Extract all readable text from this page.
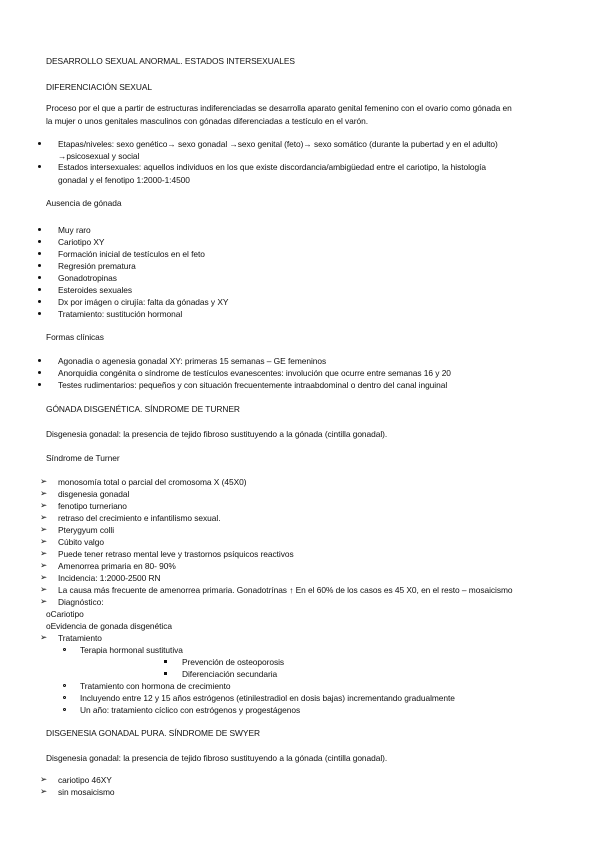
DESARROLLO SEXUAL ANORMAL. ESTADOS INTERSEXUALES
DIFERENCIACIÓN SEXUAL
Proceso por el que a partir de estructuras indiferenciadas se desarrolla aparato genital femenino con el ovario como gónada en
la mujer o unos genitales masculinos con gónadas diferenciadas a testículo en el varón.
Etapas/niveles: sexo genético→ sexo gonadal →sexo genital (feto)→ sexo somático (durante la pubertad y en el adulto)
→psicosexual y social
Estados intersexuales: aquellos individuos en los que existe discordancia/ambigüedad entre el cariotipo, la histología
gonadal y el fenotipo 1:2000-1:4500
Ausencia de gónada
Muy raro
Cariotipo XY
Formación inicial de testículos en el feto
Regresión prematura
Gonadotropinas
Esteroides sexuales
Dx por imágen o cirujía: falta da gónadas y XY
Tratamiento: sustitución hormonal
Formas clínicas
Agonadia o agenesia gonadal XY: primeras 15 semanas – GE femeninos
Anorquidia congénita o síndrome de testículos evanescentes: involución que ocurre entre semanas 16 y 20
Testes rudimentarios: pequeños y con situación frecuentemente intraabdominal o dentro del canal inguinal
GÓNADA DISGENÉTICA. SÍNDROME DE TURNER
Disgenesia gonadal: la presencia de tejido fibroso sustituyendo a la gónada (cintilla gonadal).
Síndrome de Turner
➢ monosomía total o parcial del cromosoma X (45X0)
➢ disgenesia gonadal
➢ fenotipo turneriano
➢ retraso del crecimiento e infantilismo sexual.
➢ Pterygyum colli
➢ Cúbito valgo
➢ Puede tener retraso mental leve y trastornos psíquicos reactivos
➢ Amenorrea primaria en 80- 90%
➢ Incidencia: 1:2000-2500 RN
➢ La causa más frecuente de amenorrea primaria. Gonadotrínas ↑ En el 60% de los casos es 45 X0, en el resto – mosaicismo
➢ Diagnóstico:
oCariotipo
oEvidencia de gonada disgenética
➢ Tratamiento
Terapia hormonal sustitutiva
Prevención de osteoporosis
Diferenciación secundaria
Tratamiento con hormona de crecimiento
Incluyendo entre 12 y 15 años estrógenos (etinilestradiol en dosis bajas) incrementando gradualmente
Un año: tratamiento cíclico con estrógenos y progestágenos
DISGENESIA GONADAL PURA. SÍNDROME DE SWYER
Disgenesia gonadal: la presencia de tejido fibroso sustituyendo a la gónada (cintilla gonadal).
➢ cariotipo 46XY
➢ sin mosaicismo
